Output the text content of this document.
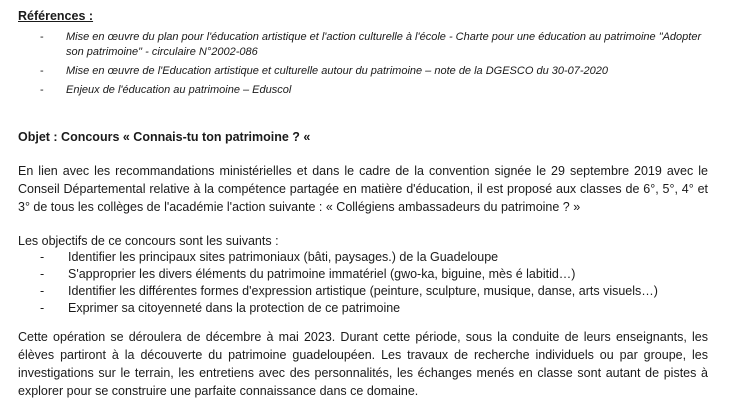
Références :
-	Mise en œuvre du plan pour l'éducation artistique et l'action culturelle à l'école - Charte pour une éducation au patrimoine "Adopter son patrimoine" - circulaire N°2002-086
-	Mise en œuvre de l'Education artistique et culturelle autour du patrimoine – note de la DGESCO du 30-07-2020
-	Enjeux de l'éducation au patrimoine – Eduscol
Objet : Concours « Connais-tu ton patrimoine ? «
En lien avec les recommandations ministérielles et dans le cadre de la convention signée le 29 septembre 2019 avec le Conseil Départemental relative à la compétence partagée en matière d'éducation, il est proposé aux classes de 6°, 5°, 4° et 3° de tous les collèges de l'académie l'action suivante : « Collégiens ambassadeurs du patrimoine ? »
Les objectifs de ce concours sont les suivants :
-	Identifier les principaux sites patrimoniaux (bâti, paysages.) de la Guadeloupe
-	S'approprier les divers éléments du patrimoine immatériel (gwo-ka, biguine, mès é labitid…)
-	Identifier les différentes formes d'expression artistique (peinture, sculpture, musique, danse, arts visuels…)
-	Exprimer sa citoyenneté dans la protection de ce patrimoine
Cette opération se déroulera de décembre à mai 2023. Durant cette période, sous la conduite de leurs enseignants, les élèves partiront à la découverte du patrimoine guadeloupéen. Les travaux de recherche individuels ou par groupe, les investigations sur le terrain, les entretiens avec des personnalités, les échanges menés en classe sont autant de pistes à explorer pour se construire une parfaite connaissance dans ce domaine.
